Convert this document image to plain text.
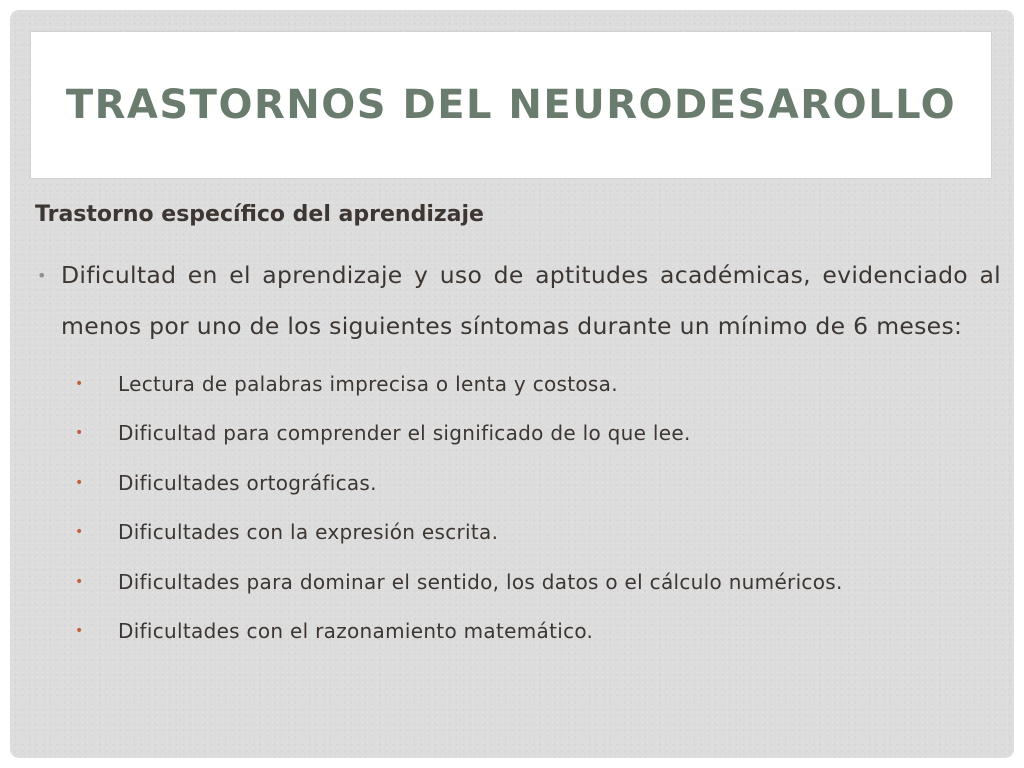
TRASTORNOS DEL NEURODESAROLLO
Trastorno específico del aprendizaje
• Dificultad en el aprendizaje y uso de aptitudes académicas, evidenciado al menos por uno de los siguientes síntomas durante un mínimo de 6 meses:
•	Lectura de palabras imprecisa o lenta y costosa.
•	Dificultad para comprender el significado de lo que lee.
•	Dificultades ortográficas.
•	Dificultades con la expresión escrita.
•	Dificultades para dominar el sentido, los datos o el cálculo numéricos.
•	Dificultades con el razonamiento matemático.
